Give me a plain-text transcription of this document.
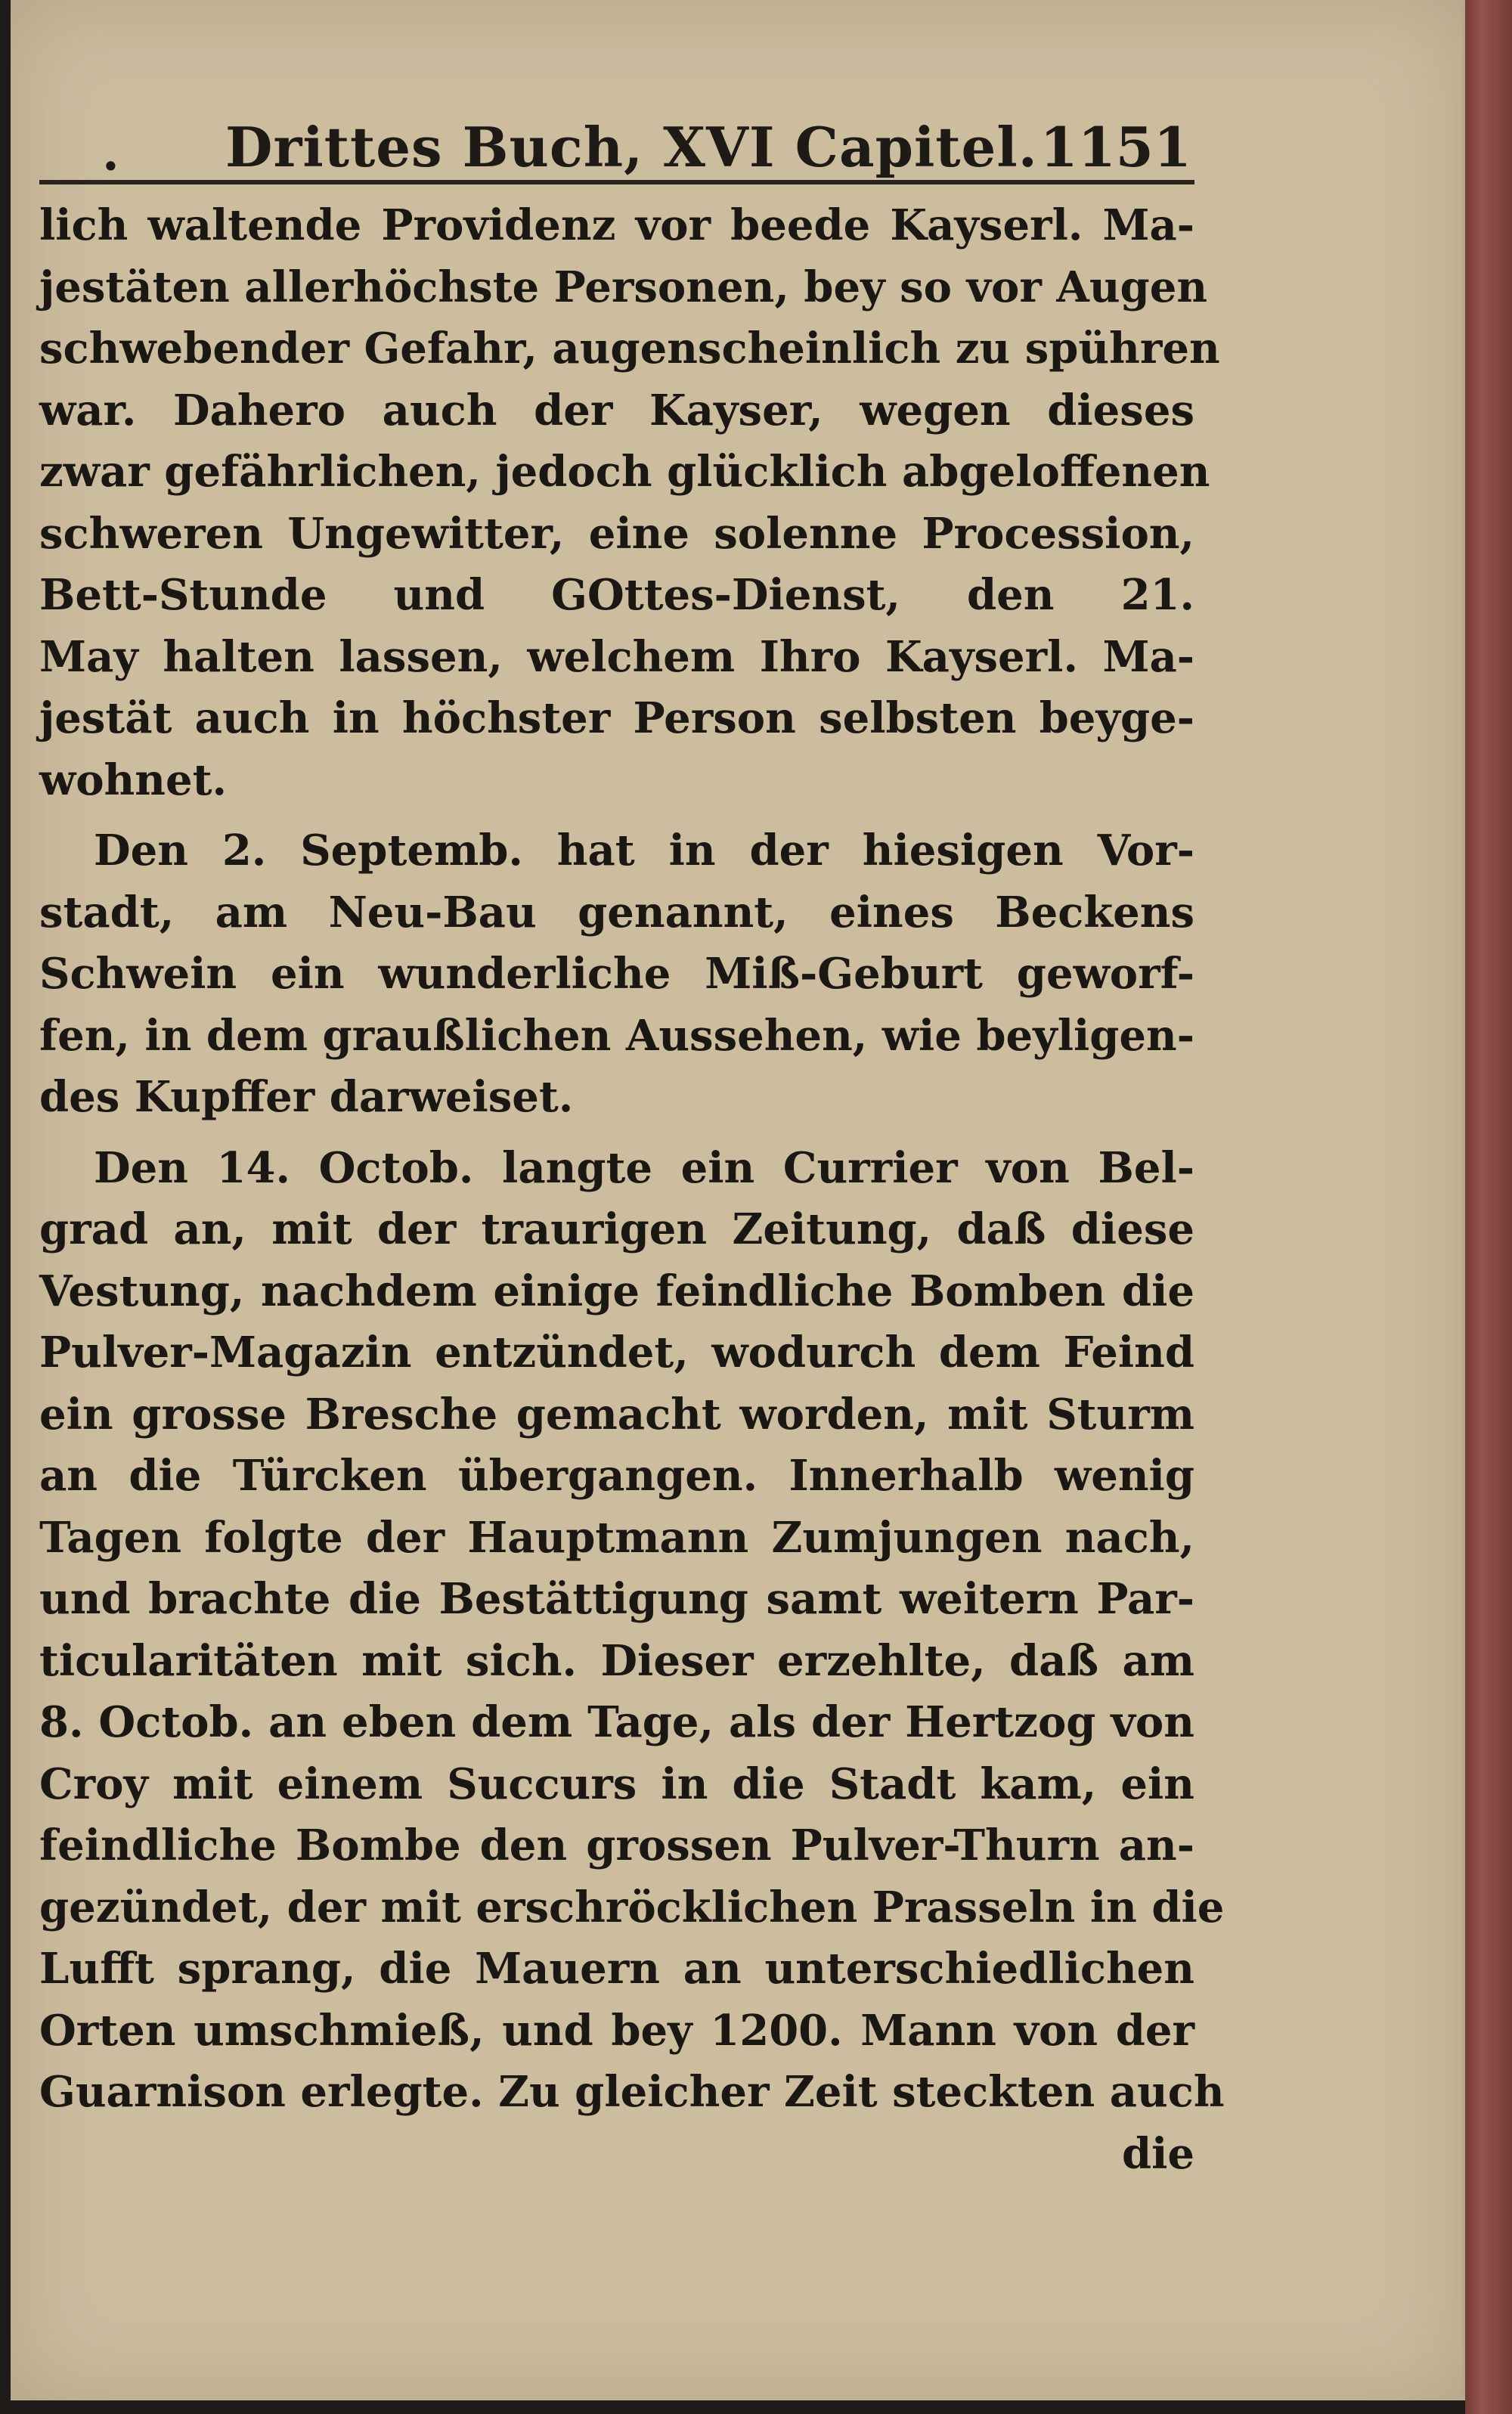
• Drittes Buch, XVI Capitel. 1151
lich waltende Providenz vor beede Kayserl. Ma-
jestäten allerhöchste Personen, bey so vor Augen
schwebender Gefahr, augenscheinlich zu spühren
war. Dahero auch der Kayser, wegen dieses
zwar gefährlichen, jedoch glücklich abgeloffenen
schweren Ungewitter, eine solenne Procession,
Bett-Stunde und GOttes-Dienst, den 21.
May halten lassen, welchem Ihro Kayserl. Ma-
jestät auch in höchster Person selbsten beyge-
wohnet.
Den 2. Septemb. hat in der hiesigen Vor-
stadt, am Neu-Bau genannt, eines Beckens
Schwein ein wunderliche Miß-Geburt geworf-
fen, in dem graußlichen Aussehen, wie beyligen-
des Kupffer darweiset.
Den 14. Octob. langte ein Currier von Bel-
grad an, mit der traurigen Zeitung, daß diese
Vestung, nachdem einige feindliche Bomben die
Pulver-Magazin entzündet, wodurch dem Feind
ein grosse Bresche gemacht worden, mit Sturm
an die Türcken übergangen. Innerhalb wenig
Tagen folgte der Hauptmann Zumjungen nach,
und brachte die Bestättigung samt weitern Par-
ticularitäten mit sich. Dieser erzehlte, daß am
8. Octob. an eben dem Tage, als der Hertzog von
Croy mit einem Succurs in die Stadt kam, ein
feindliche Bombe den grossen Pulver-Thurn an-
gezündet, der mit erschröcklichen Prasseln in die
Lufft sprang, die Mauern an unterschiedlichen
Orten umschmieß, und bey 1200. Mann von der
Guarnison erlegte. Zu gleicher Zeit steckten auch
die
